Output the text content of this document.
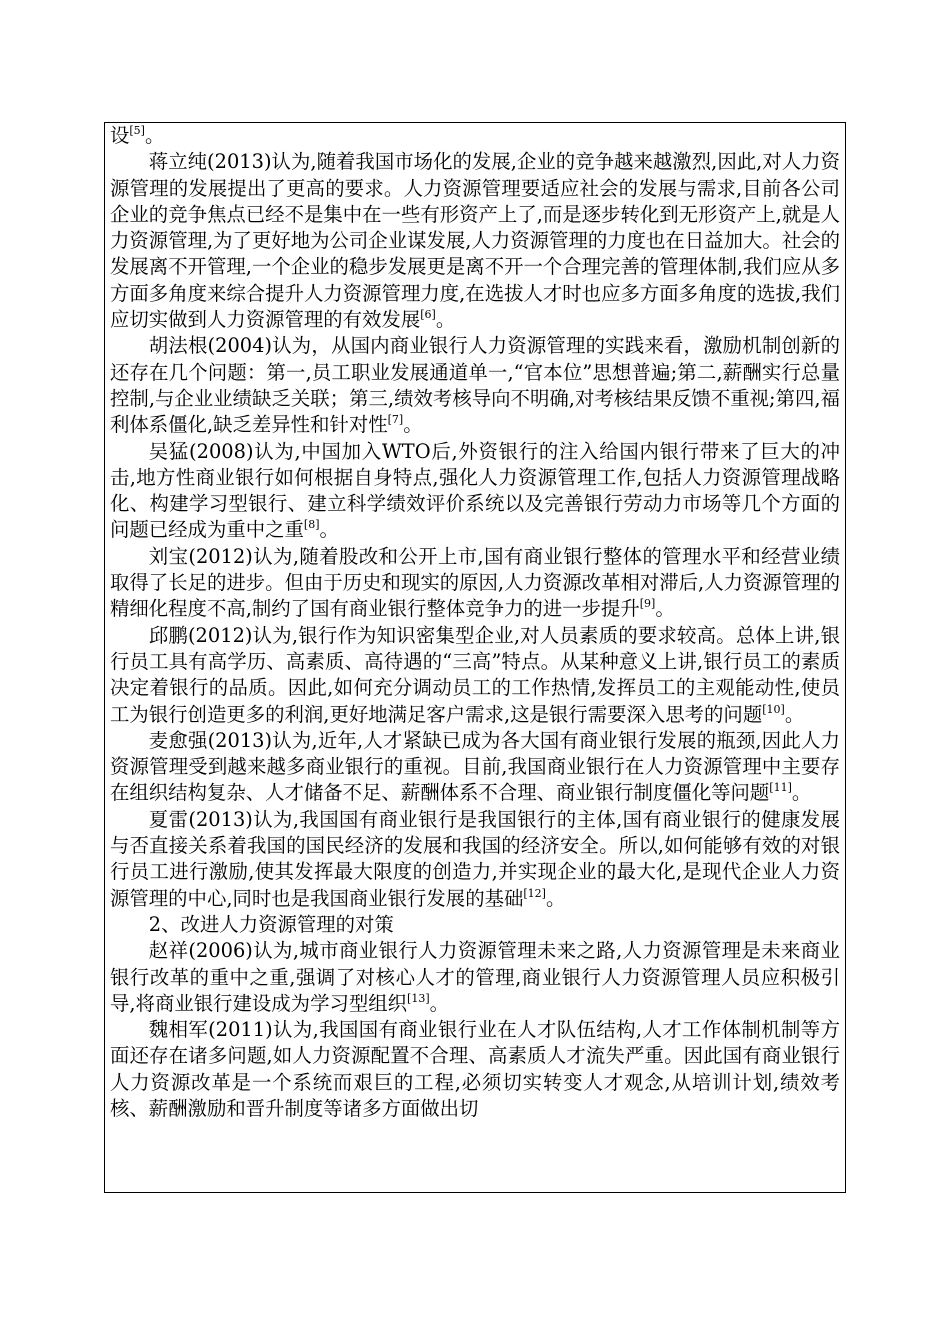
设[5]。

蒋立纯(2013)认为,随着我国市场化的发展,企业的竞争越来越激烈,因此,对人力资源管理的发展提出了更高的要求。人力资源管理要适应社会的发展与需求,目前各公司企业的竞争焦点已经不是集中在一些有形资产上了,而是逐步转化到无形资产上,就是人力资源管理,为了更好地为公司企业谋发展,人力资源管理的力度也在日益加大。社会的发展离不开管理,一个企业的稳步发展更是离不开一个合理完善的管理体制,我们应从多方面多角度来综合提升人力资源管理力度,在选拔人才时也应多方面多角度的选拔,我们应切实做到人力资源管理的有效发展[6]。

胡法根(2004)认为，从国内商业银行人力资源管理的实践来看，激励机制创新的还存在几个问题：第一,员工职业发展通道单一,“官本位”思想普遍;第二,薪酬实行总量控制,与企业业绩缺乏关联；第三,绩效考核导向不明确,对考核结果反馈不重视;第四,福利体系僵化,缺乏差异性和针对性[7]。

吴猛(2008)认为,中国加入WTO后,外资银行的注入给国内银行带来了巨大的冲击,地方性商业银行如何根据自身特点,强化人力资源管理工作,包括人力资源管理战略化、构建学习型银行、建立科学绩效评价系统以及完善银行劳动力市场等几个方面的问题已经成为重中之重[8]。

刘宝(2012)认为,随着股改和公开上市,国有商业银行整体的管理水平和经营业绩取得了长足的进步。但由于历史和现实的原因,人力资源改革相对滞后,人力资源管理的精细化程度不高,制约了国有商业银行整体竞争力的进一步提升[9]。

邱鹏(2012)认为,银行作为知识密集型企业,对人员素质的要求较高。总体上讲,银行员工具有高学历、高素质、高待遇的“三高”特点。从某种意义上讲,银行员工的素质决定着银行的品质。因此,如何充分调动员工的工作热情,发挥员工的主观能动性,使员工为银行创造更多的利润,更好地满足客户需求,这是银行需要深入思考的问题[10]。

麦愈强(2013)认为,近年,人才紧缺已成为各大国有商业银行发展的瓶颈,因此人力资源管理受到越来越多商业银行的重视。目前,我国商业银行在人力资源管理中主要存在组织结构复杂、人才储备不足、薪酬体系不合理、商业银行制度僵化等问题[11]。

夏雷(2013)认为,我国国有商业银行是我国银行的主体,国有商业银行的健康发展与否直接关系着我国的国民经济的发展和我国的经济安全。所以,如何能够有效的对银行员工进行激励,使其发挥最大限度的创造力,并实现企业的最大化,是现代企业人力资源管理的中心,同时也是我国商业银行发展的基础[12]。

2、改进人力资源管理的对策

赵祥(2006)认为,城市商业银行人力资源管理未来之路,人力资源管理是未来商业银行改革的重中之重,强调了对核心人才的管理,商业银行人力资源管理人员应积极引导,将商业银行建设成为学习型组织[13]。

魏相军(2011)认为,我国国有商业银行业在人才队伍结构,人才工作体制机制等方面还存在诸多问题,如人力资源配置不合理、高素质人才流失严重。因此国有商业银行人力资源改革是一个系统而艰巨的工程,必须切实转变人才观念,从培训计划,绩效考核、薪酬激励和晋升制度等诸多方面做出切
